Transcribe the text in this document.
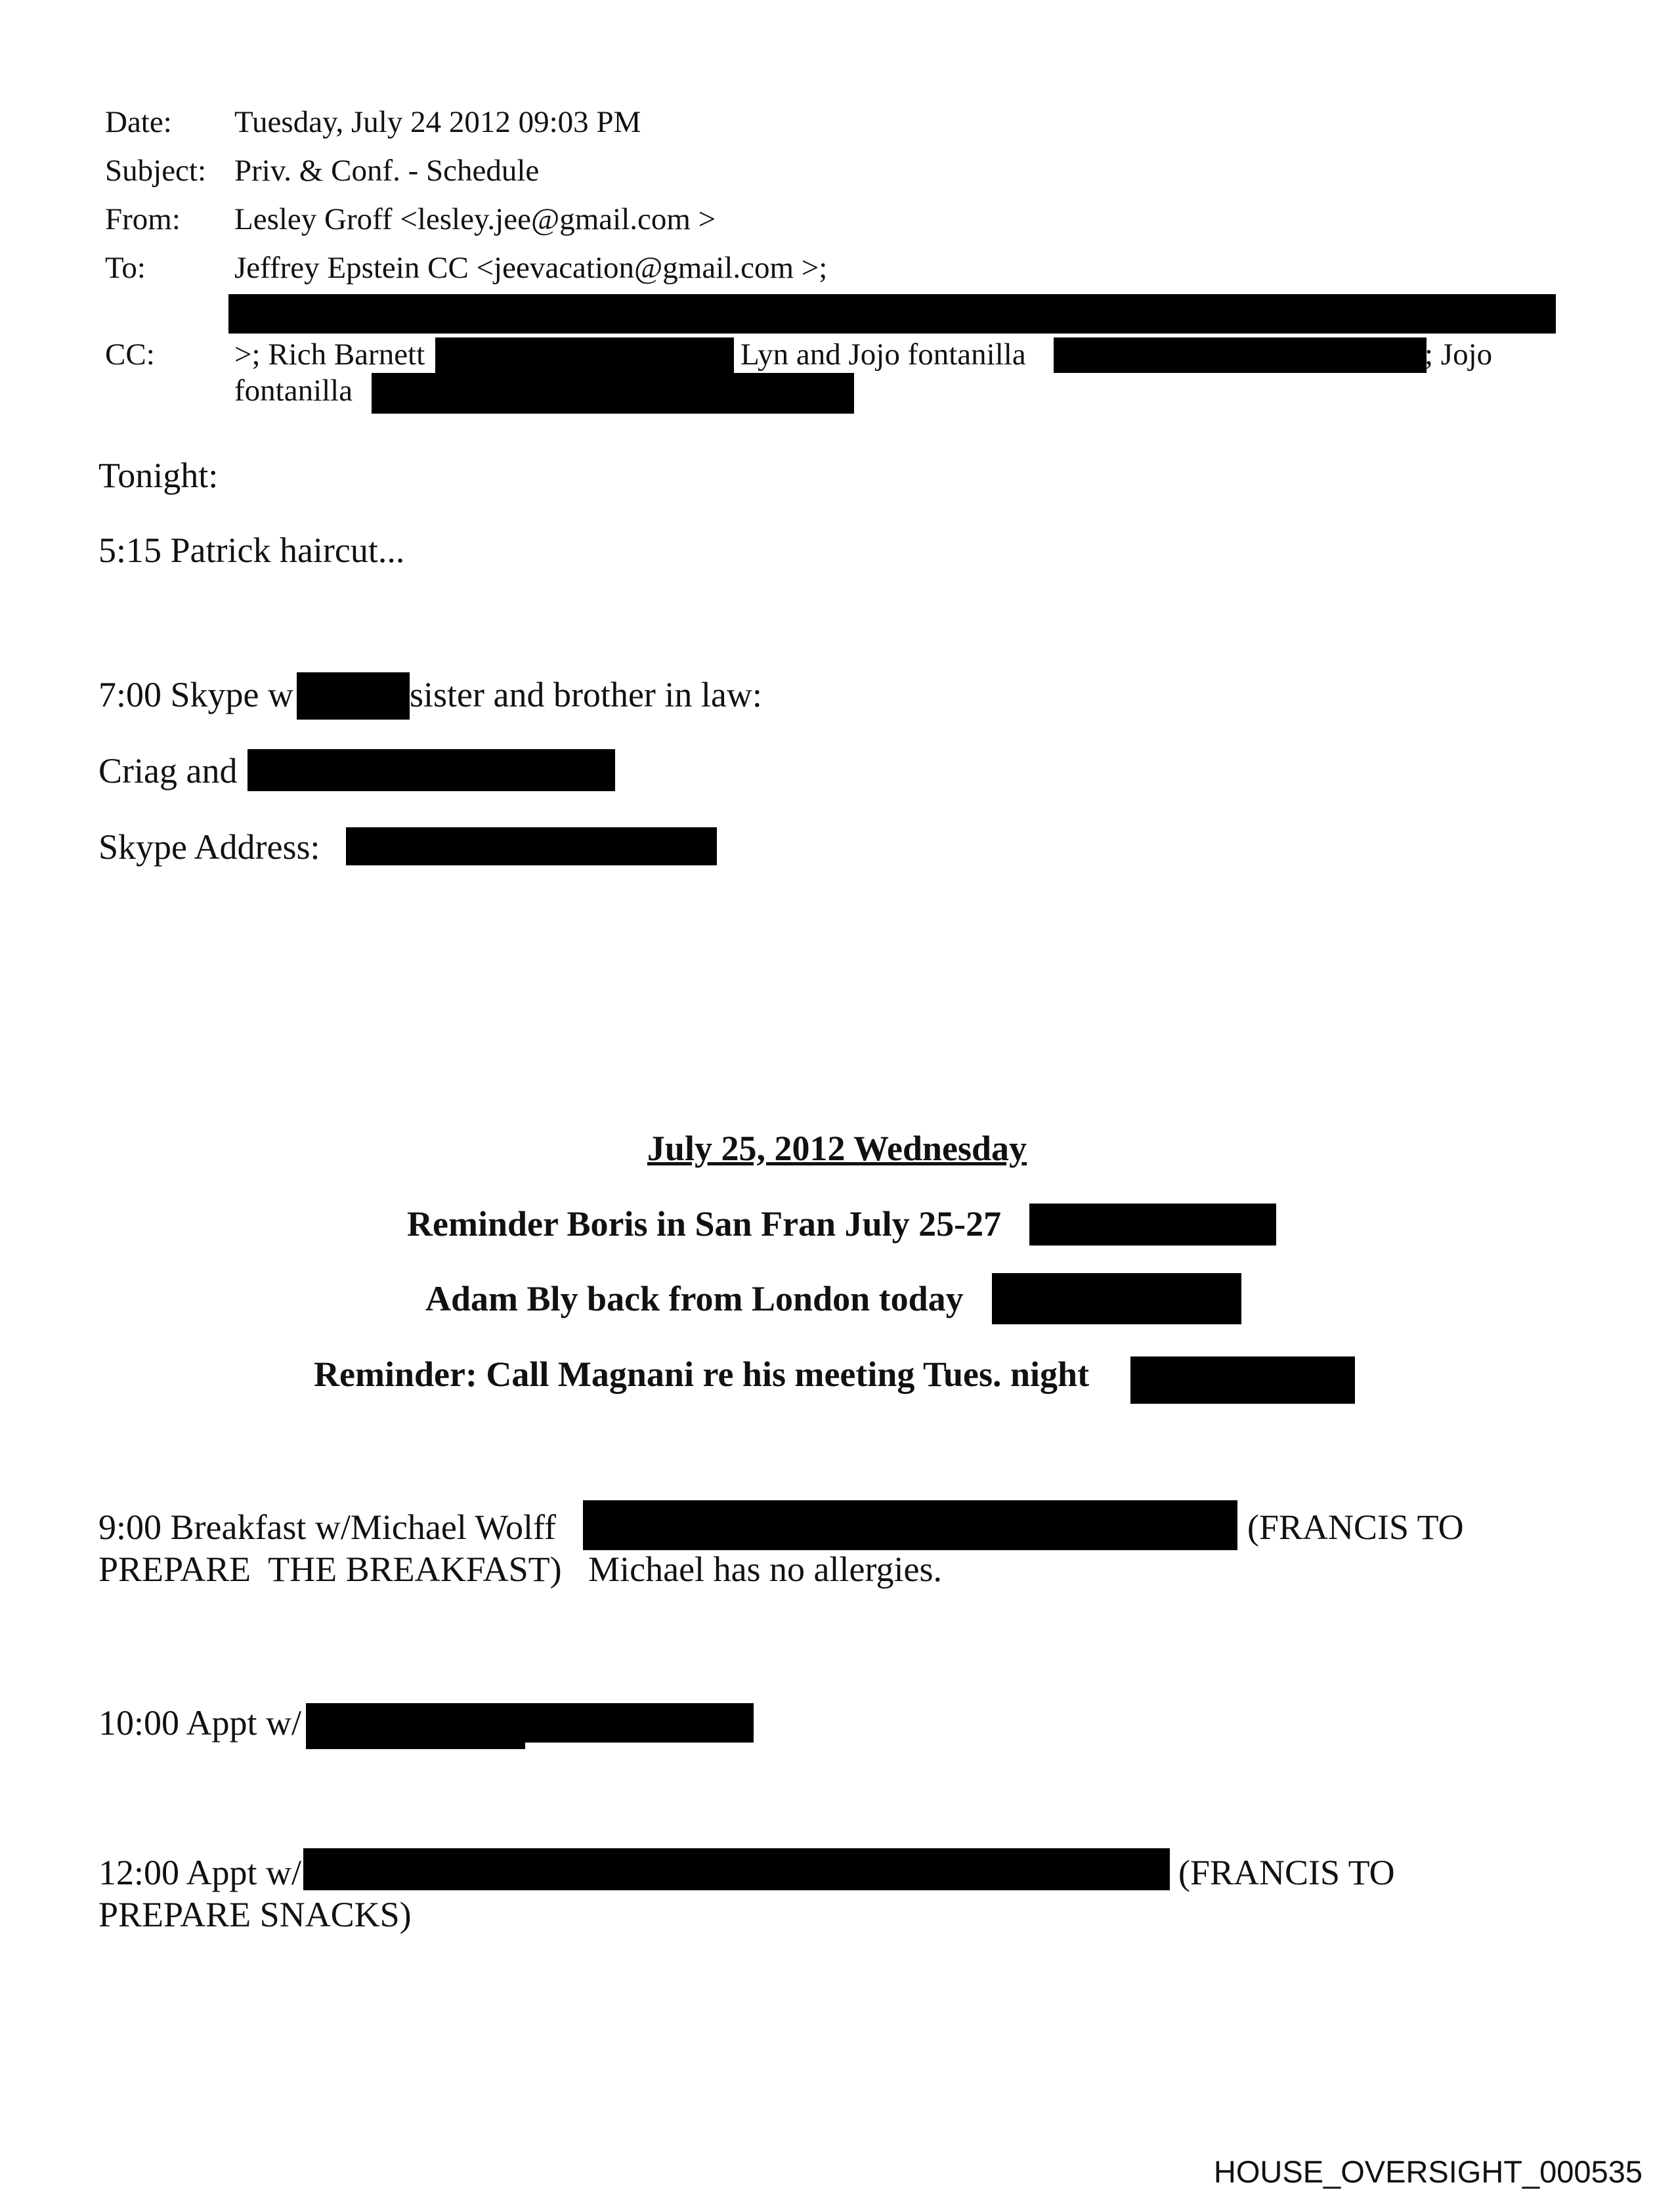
Date: Tuesday, July 24 2012 09:03 PM
Subject: Priv. & Conf. - Schedule
From: Lesley Groff <lesley.jee@gmail.com >
To:	Jeffrey Epstein CC <jeevacation@gmail.com >;
CC:	>; Rich Barnett	Lyn and Jojo fontanilla	; Jojo
fontanilla
Tonight:
5:15 Patrick haircut...
7:00 Skype w	sister and brother in law:
Criag and
Skype Address:
July 25, 2012 Wednesday
Reminder Boris in San Fran July 25-27
Adam Bly back from London today
Reminder: Call Magnani re his meeting Tues. night
9:00 Breakfast w/Michael Wolff	(FRANCIS TO
PREPARE  THE BREAKFAST)   Michael has no allergies.
10:00 Appt w/
12:00 Appt w/	(FRANCIS TO
PREPARE SNACKS)
HOUSE_OVERSIGHT_000535
